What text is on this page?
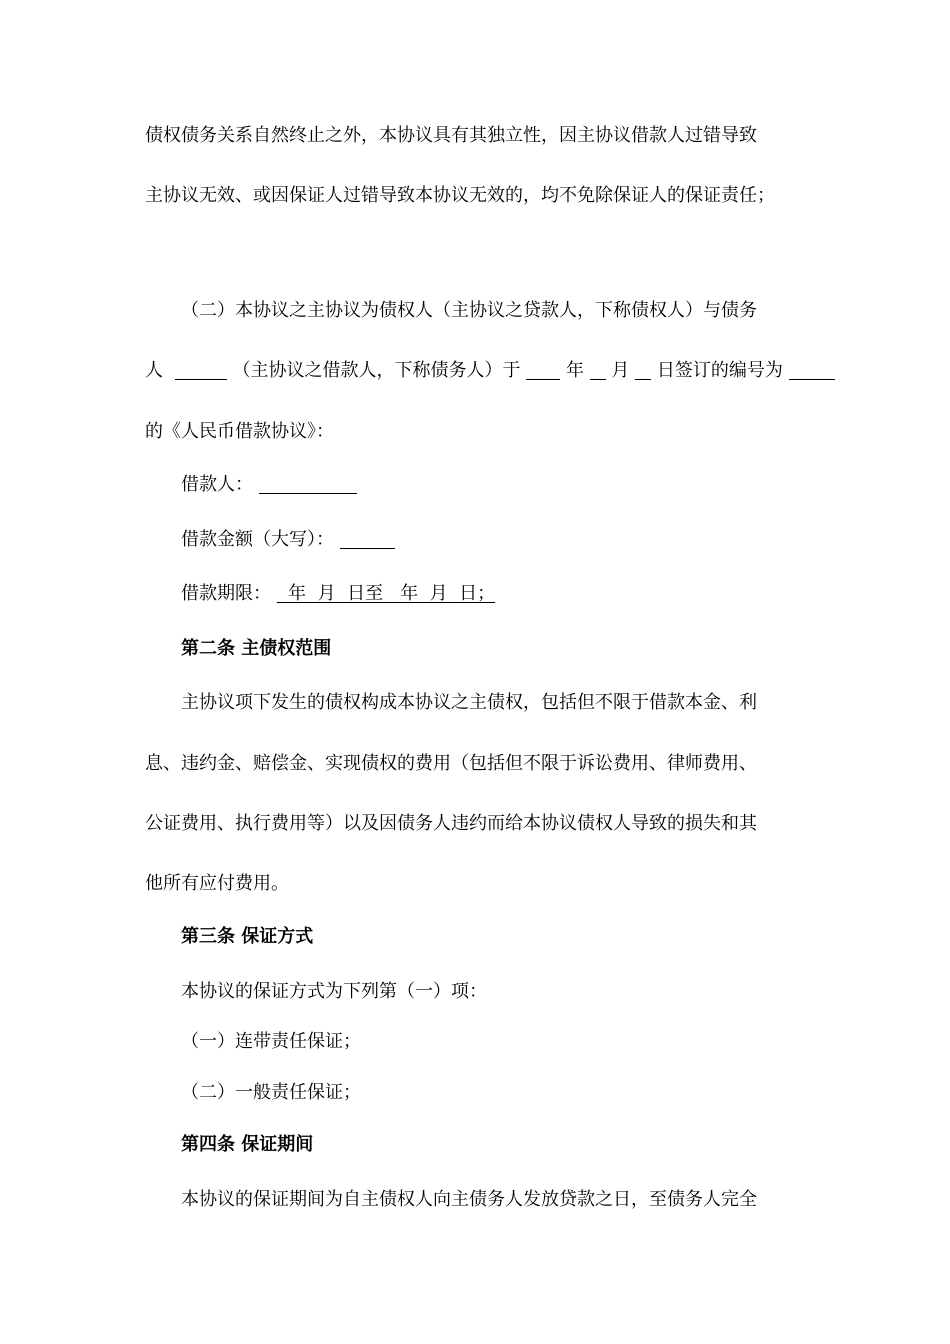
债权债务关系自然终止之外，本协议具有其独立性，因主协议借款人过错导致
主协议无效、或因保证人过错导致本协议无效的，均不免除保证人的保证责任；
（二）本协议之主协议为债权人（主协议之贷款人，下称债权人）与债务
人	（主协议之借款人，下称债务人）于	年 月 日签订的编号为
的《人民币借款协议》：
借款人：
借款金额（大写）：
借款期限：   年  月  日至   年  月  日；
第二条 主债权范围
主协议项下发生的债权构成本协议之主债权，包括但不限于借款本金、利
息、违约金、赔偿金、实现债权的费用（包括但不限于诉讼费用、律师费用、
公证费用、执行费用等）以及因债务人违约而给本协议债权人导致的损失和其
他所有应付费用。
第三条 保证方式
本协议的保证方式为下列第（一）项：
（一）连带责任保证；
（二）一般责任保证；
第四条 保证期间
本协议的保证期间为自主债权人向主债务人发放贷款之日，至债务人完全
